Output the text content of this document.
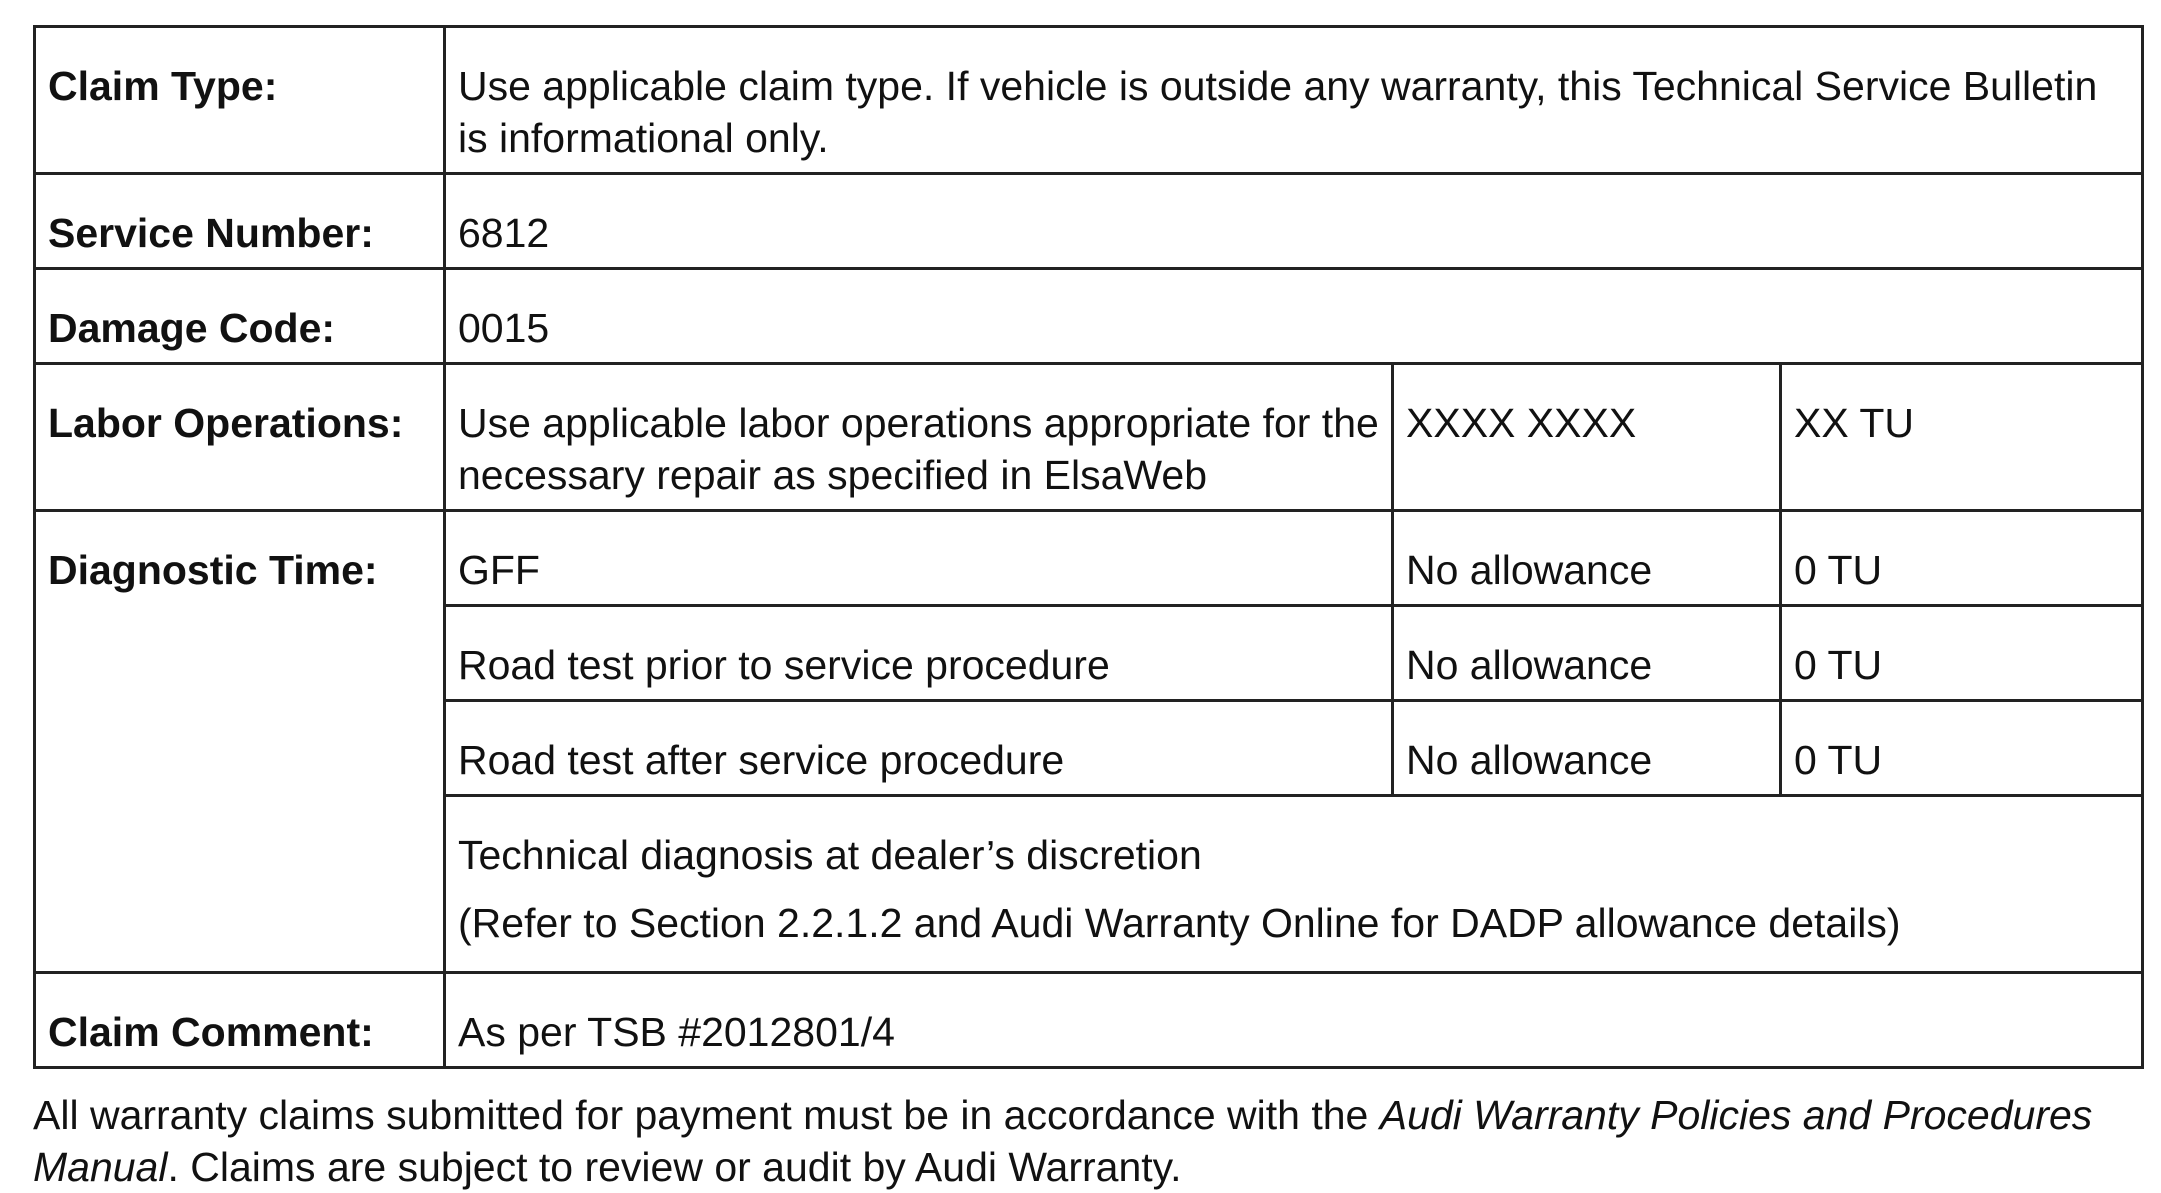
Claim Type:	Use applicable claim type. If vehicle is outside any warranty, this Technical Service Bulletin is informational only.		
Service Number:	6812		
Damage Code:	0015		
Labor Operations:	Use applicable labor operations appropriate for the necessary repair as specified in ElsaWeb	XXXX XXXX	XX TU
Diagnostic Time:	GFF	No allowance	0 TU
	Road test prior to service procedure	No allowance	0 TU
	Road test after service procedure	No allowance	0 TU

	Technical diagnosis at dealer’s discretion
(Refer to Section 2.2.1.2 and Audi Warranty Online for DADP allowance details)		

Claim Comment:	As per TSB #2012801/4		
All warranty claims submitted for payment must be in accordance with the Audi Warranty Policies and Procedures Manual. Claims are subject to review or audit by Audi Warranty.
